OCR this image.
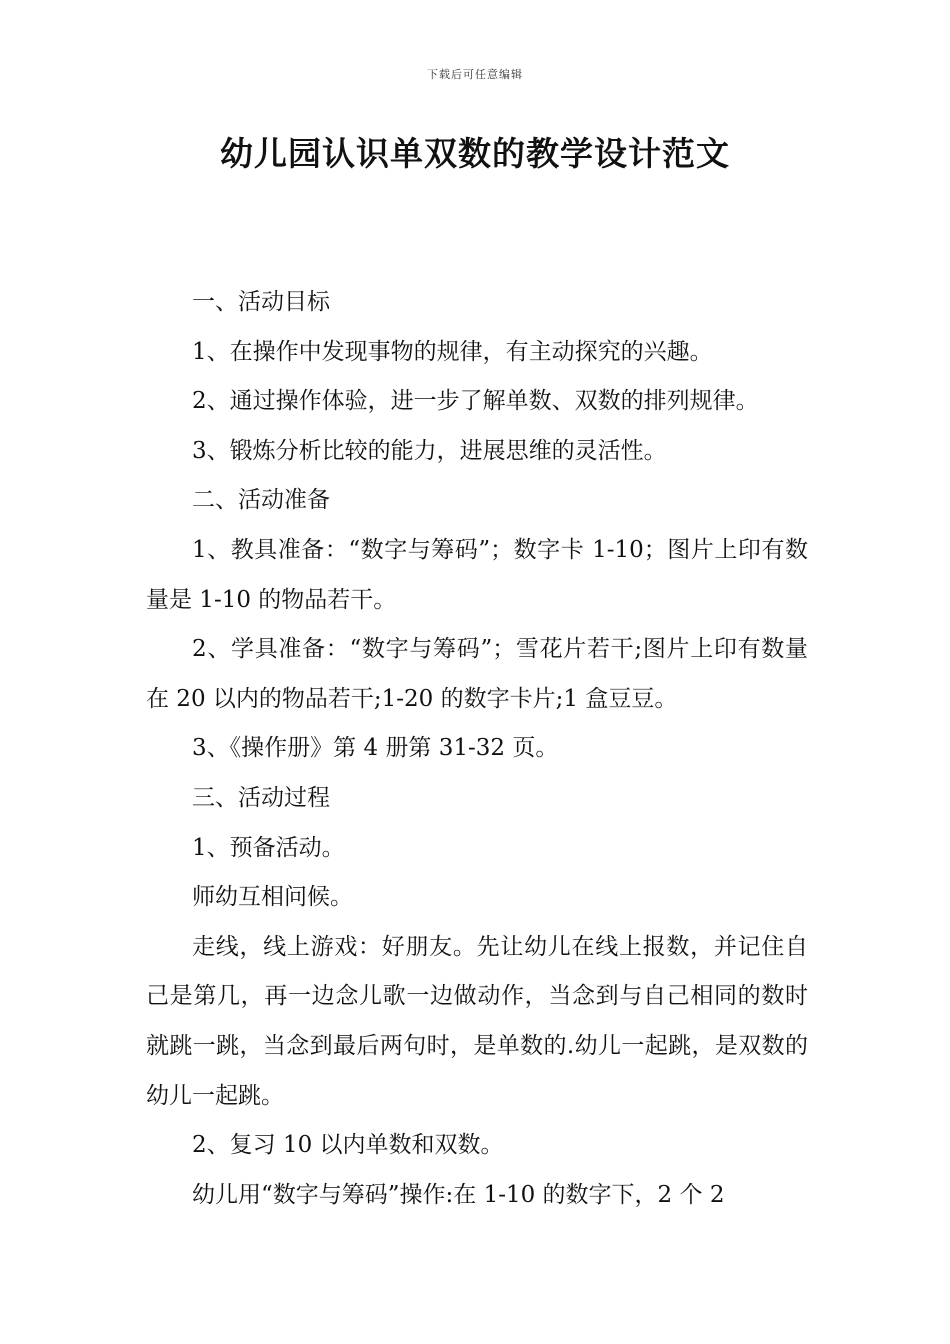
下载后可任意编辑
幼儿园认识单双数的教学设计范文

一、活动目标

1、在操作中发现事物的规律，有主动探究的兴趣。

2、通过操作体验，进一步了解单数、双数的排列规律。

3、锻炼分析比较的能力，进展思维的灵活性。

二、活动准备

1、教具准备：“数字与筹码”；数字卡 1-10；图片上印有数量是 1-10 的物品若干。

2、学具准备：“数字与筹码”；雪花片若干;图片上印有数量在 20 以内的物品若干;1-20 的数字卡片;1 盒豆豆。

3、《操作册》第 4 册第 31-32 页。

三、活动过程

1、预备活动。

师幼互相问候。

走线，线上游戏：好朋友。先让幼儿在线上报数，并记住自己是第几，再一边念儿歌一边做动作，当念到与自己相同的数时就跳一跳，当念到最后两句时，是单数的.幼儿一起跳，是双数的幼儿一起跳。

2、复习 10 以内单数和双数。

幼儿用“数字与筹码”操作:在 1-10 的数字下，2 个 2
